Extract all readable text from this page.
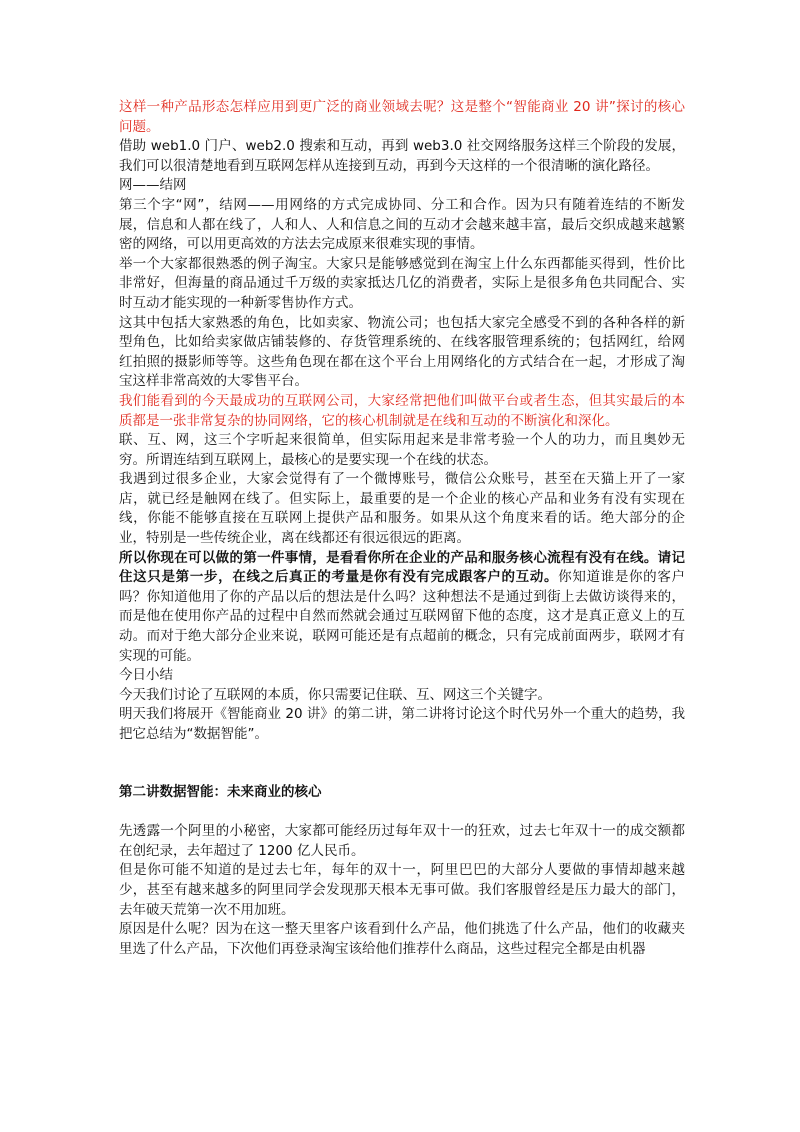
这样一种产品形态怎样应用到更广泛的商业领域去呢？这是整个“智能商业 20 讲”探讨的核心问题。

借助 web1.0 门户、web2.0 搜索和互动，再到 web3.0 社交网络服务这样三个阶段的发展，我们可以很清楚地看到互联网怎样从连接到互动，再到今天这样的一个很清晰的演化路径。

网——结网

第三个字“网”，结网——用网络的方式完成协同、分工和合作。因为只有随着连结的不断发展，信息和人都在线了，人和人、人和信息之间的互动才会越来越丰富，最后交织成越来越繁密的网络，可以用更高效的方法去完成原来很难实现的事情。

举一个大家都很熟悉的例子淘宝。大家只是能够感觉到在淘宝上什么东西都能买得到，性价比非常好，但海量的商品通过千万级的卖家抵达几亿的消费者，实际上是很多角色共同配合、实时互动才能实现的一种新零售协作方式。

这其中包括大家熟悉的角色，比如卖家、物流公司；也包括大家完全感受不到的各种各样的新型角色，比如给卖家做店铺装修的、存货管理系统的、在线客服管理系统的；包括网红，给网红拍照的摄影师等等。这些角色现在都在这个平台上用网络化的方式结合在一起，才形成了淘宝这样非常高效的大零售平台。

我们能看到的今天最成功的互联网公司，大家经常把他们叫做平台或者生态，但其实最后的本质都是一张非常复杂的协同网络，它的核心机制就是在线和互动的不断演化和深化。

联、互、网，这三个字听起来很简单，但实际用起来是非常考验一个人的功力，而且奥妙无穷。所谓连结到互联网上，最核心的是要实现一个在线的状态。

我遇到过很多企业，大家会觉得有了一个微博账号，微信公众账号，甚至在天猫上开了一家店，就已经是触网在线了。但实际上，最重要的是一个企业的核心产品和业务有没有实现在线，你能不能够直接在互联网上提供产品和服务。如果从这个角度来看的话。绝大部分的企业，特别是一些传统企业，离在线都还有很远很远的距离。

所以你现在可以做的第一件事情，是看看你所在企业的产品和服务核心流程有没有在线。请记住这只是第一步，在线之后真正的考量是你有没有完成跟客户的互动。你知道谁是你的客户吗？你知道他用了你的产品以后的想法是什么吗？这种想法不是通过到街上去做访谈得来的，而是他在使用你产品的过程中自然而然就会通过互联网留下他的态度，这才是真正意义上的互动。而对于绝大部分企业来说，联网可能还是有点超前的概念，只有完成前面两步，联网才有实现的可能。

今日小结

今天我们讨论了互联网的本质，你只需要记住联、互、网这三个关键字。

明天我们将展开《智能商业 20 讲》的第二讲，第二讲将讨论这个时代另外一个重大的趋势，我把它总结为“数据智能”。

第二讲数据智能：未来商业的核心

先透露一个阿里的小秘密，大家都可能经历过每年双十一的狂欢，过去七年双十一的成交额都在创纪录，去年超过了 1200 亿人民币。

但是你可能不知道的是过去七年，每年的双十一，阿里巴巴的大部分人要做的事情却越来越少，甚至有越来越多的阿里同学会发现那天根本无事可做。我们客服曾经是压力最大的部门，去年破天荒第一次不用加班。

原因是什么呢？因为在这一整天里客户该看到什么产品，他们挑选了什么产品，他们的收藏夹里选了什么产品，下次他们再登录淘宝该给他们推荐什么商品，这些过程完全都是由机器
